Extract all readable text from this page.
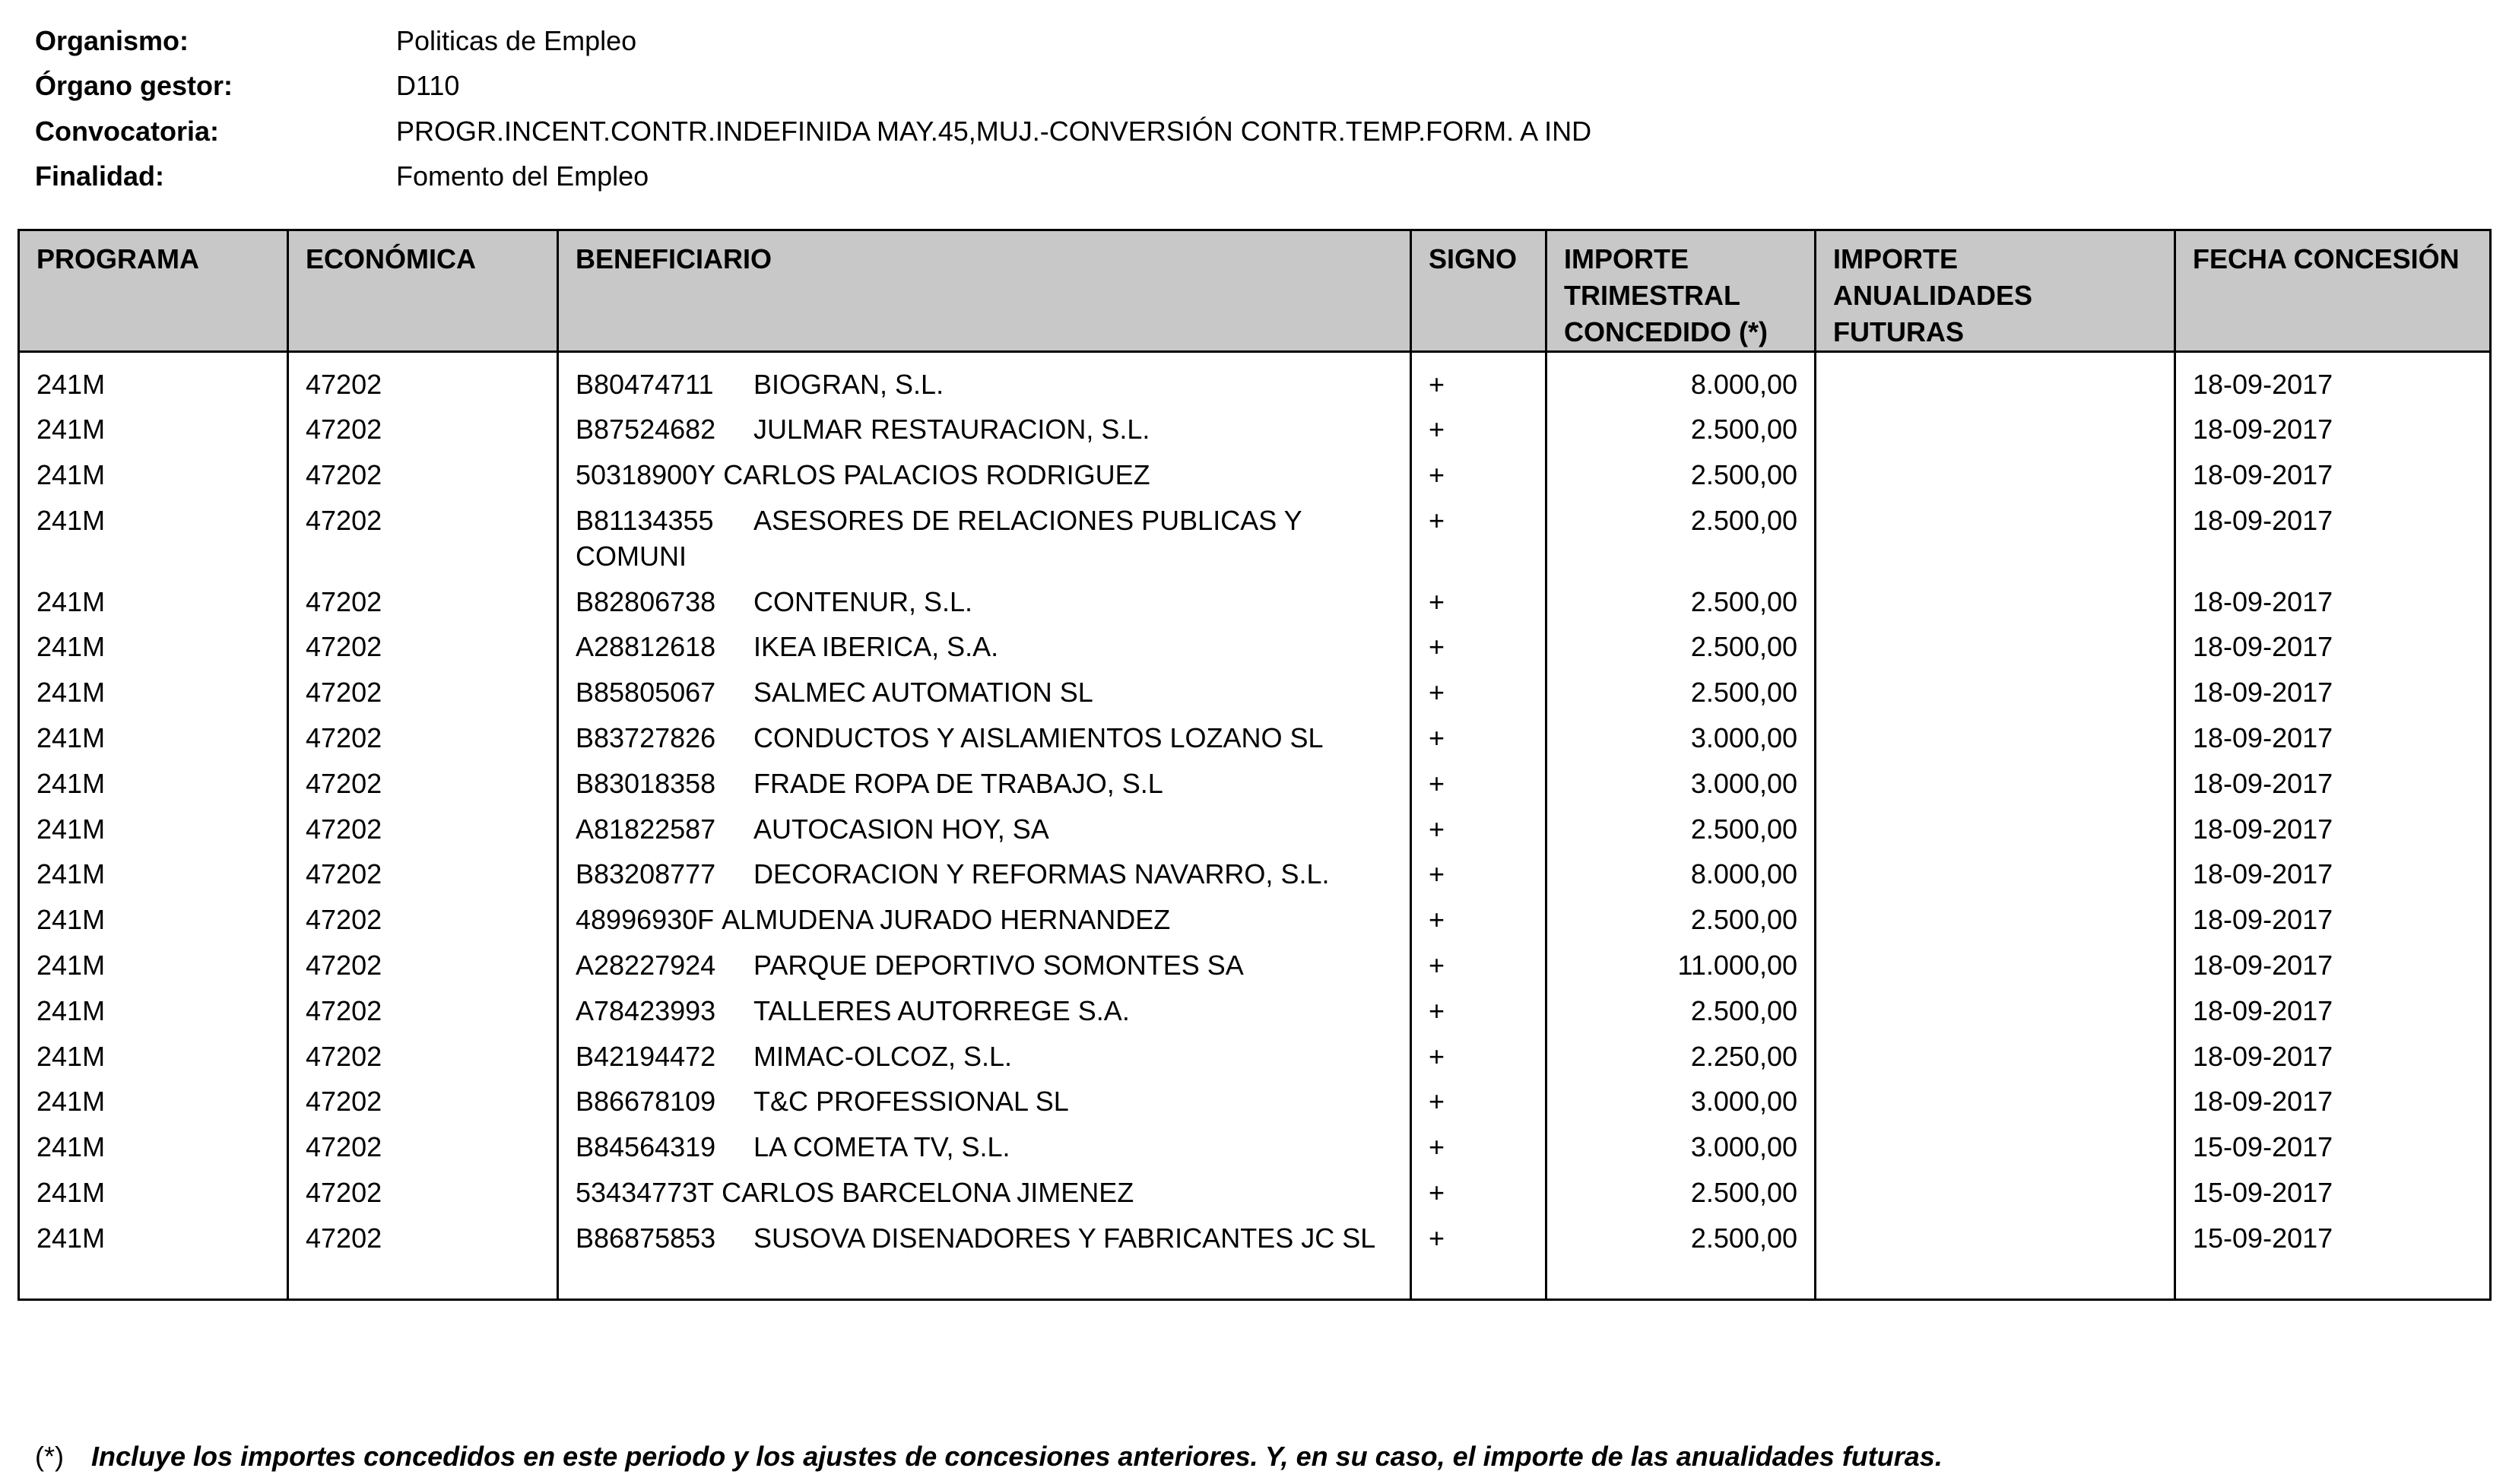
Organismo:	Politicas de Empleo
Órgano gestor:	D110
Convocatoria:	PROGR.INCENT.CONTR.INDEFINIDA MAY.45,MUJ.-CONVERSIÓN CONTR.TEMP.FORM. A IND
Finalidad:	Fomento del Empleo
PROGRAMA	ECONÓMICA	BENEFICIARIO	SIGNO	IMPORTE TRIMESTRAL CONCEDIDO (*)	IMPORTE ANUALIDADES FUTURAS	FECHA CONCESIÓN
241M	47202	B80474711 BIOGRAN, S.L.	+	8.000,00		18-09-2017
241M	47202	B87524682 JULMAR RESTAURACION, S.L.	+	2.500,00		18-09-2017
241M	47202	50318900Y CARLOS PALACIOS RODRIGUEZ	+	2.500,00		18-09-2017
241M	47202	B81134355 ASESORES DE RELACIONES PUBLICAS Y COMUNI	+	2.500,00		18-09-2017
241M	47202	B82806738 CONTENUR, S.L.	+	2.500,00		18-09-2017
241M	47202	A28812618 IKEA IBERICA, S.A.	+	2.500,00		18-09-2017
241M	47202	B85805067 SALMEC AUTOMATION SL	+	2.500,00		18-09-2017
241M	47202	B83727826 CONDUCTOS Y AISLAMIENTOS LOZANO SL	+	3.000,00		18-09-2017
241M	47202	B83018358 FRADE ROPA DE TRABAJO, S.L	+	3.000,00		18-09-2017
241M	47202	A81822587 AUTOCASION HOY, SA	+	2.500,00		18-09-2017
241M	47202	B83208777 DECORACION Y REFORMAS NAVARRO, S.L.	+	8.000,00		18-09-2017
241M	47202	48996930F ALMUDENA JURADO HERNANDEZ	+	2.500,00		18-09-2017
241M	47202	A28227924 PARQUE DEPORTIVO SOMONTES SA	+	11.000,00		18-09-2017
241M	47202	A78423993 TALLERES AUTORREGE S.A.	+	2.500,00		18-09-2017
241M	47202	B42194472 MIMAC-OLCOZ, S.L.	+	2.250,00		18-09-2017
241M	47202	B86678109 T&C PROFESSIONAL SL	+	3.000,00		18-09-2017
241M	47202	B84564319 LA COMETA TV, S.L.	+	3.000,00		15-09-2017
241M	47202	53434773T CARLOS BARCELONA JIMENEZ	+	2.500,00		15-09-2017
241M	47202	B86875853 SUSOVA DISENADORES Y FABRICANTES JC SL	+	2.500,00		15-09-2017
(*) Incluye los importes concedidos en este periodo y los ajustes de concesiones anteriores. Y, en su caso, el importe de las anualidades futuras.
